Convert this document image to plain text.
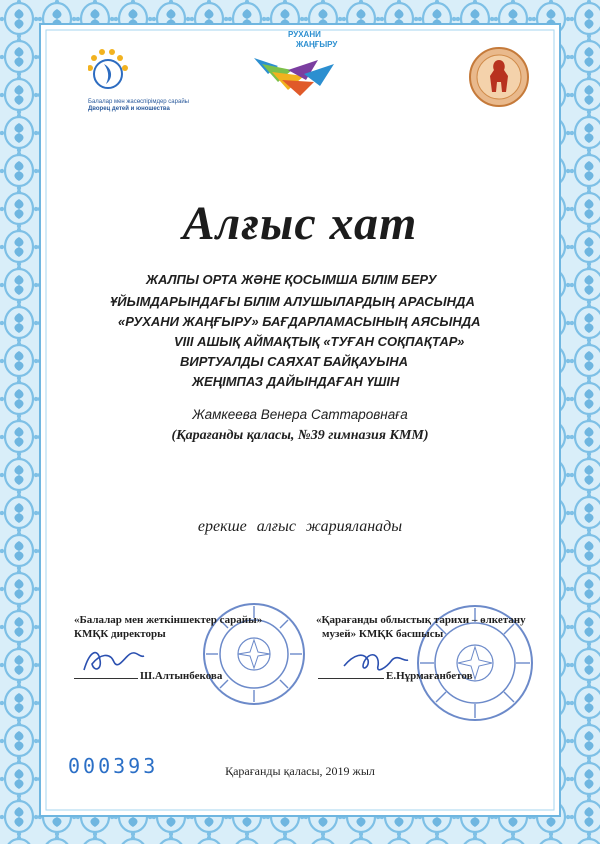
Балалар мен жасөспірімдер сарайы
Дворец детей и юношества
РУХАНИ
ЖАҢҒЫРУ
Алғыс хат
ЖАЛПЫ ОРТА ЖӘНЕ ҚОСЫМША БІЛІМ БЕРУ
ҰЙЫМДАРЫНДАҒЫ БІЛІМ АЛУШЫЛАРДЫҢ АРАСЫНДА
«РУХАНИ ЖАҢҒЫРУ» БАҒДАРЛАМАСЫНЫҢ АЯСЫНДА
VIII АШЫҚ АЙМАҚТЫҚ «ТУҒАН СОҚПАҚТАР»
ВИРТУАЛДЫ САЯХАТ БАЙҚАУЫНА
ЖЕҢІМПАЗ ДАЙЫНДАҒАН ҮШІН
Жамкеева Венера Саттаровнаға
(Қарағанды қаласы, №39 гимназия КММ)
ерекше алғыс жарияланады
«Балалар мен жеткіншектер сарайы»
КМҚК директоры
Ш.Алтынбекова
«Қарағанды облыстық тарихи – өлкетану
музей» КМҚК басшысы
Е.Нұрмағанбетов
000393	Қарағанды қаласы, 2019 жыл
